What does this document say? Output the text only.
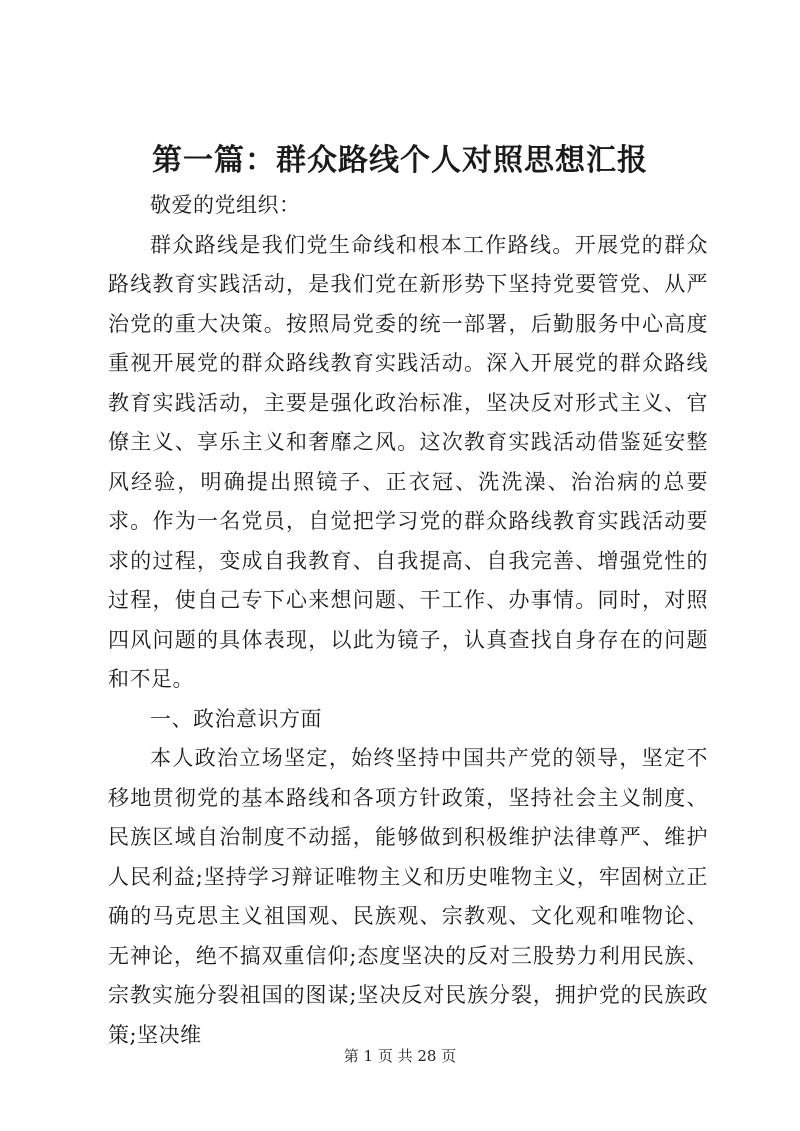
第一篇：群众路线个人对照思想汇报

敬爱的党组织：

群众路线是我们党生命线和根本工作路线。开展党的群众路线教育实践活动，是我们党在新形势下坚持党要管党、从严治党的重大决策。按照局党委的统一部署，后勤服务中心高度重视开展党的群众路线教育实践活动。深入开展党的群众路线教育实践活动，主要是强化政治标准，坚决反对形式主义、官僚主义、享乐主义和奢靡之风。这次教育实践活动借鉴延安整风经验，明确提出照镜子、正衣冠、洗洗澡、治治病的总要求。作为一名党员，自觉把学习党的群众路线教育实践活动要求的过程，变成自我教育、自我提高、自我完善、增强党性的过程，使自己专下心来想问题、干工作、办事情。同时，对照四风问题的具体表现，以此为镜子，认真查找自身存在的问题和不足。

一、政治意识方面

本人政治立场坚定，始终坚持中国共产党的领导，坚定不移地贯彻党的基本路线和各项方针政策，坚持社会主义制度、民族区域自治制度不动摇，能够做到积极维护法律尊严、维护人民利益;坚持学习辩证唯物主义和历史唯物主义，牢固树立正确的马克思主义祖国观、民族观、宗教观、文化观和唯物论、无神论，绝不搞双重信仰;态度坚决的反对三股势力利用民族、宗教实施分裂祖国的图谋;坚决反对民族分裂，拥护党的民族政策;坚决维

第 1 页 共 28 页
